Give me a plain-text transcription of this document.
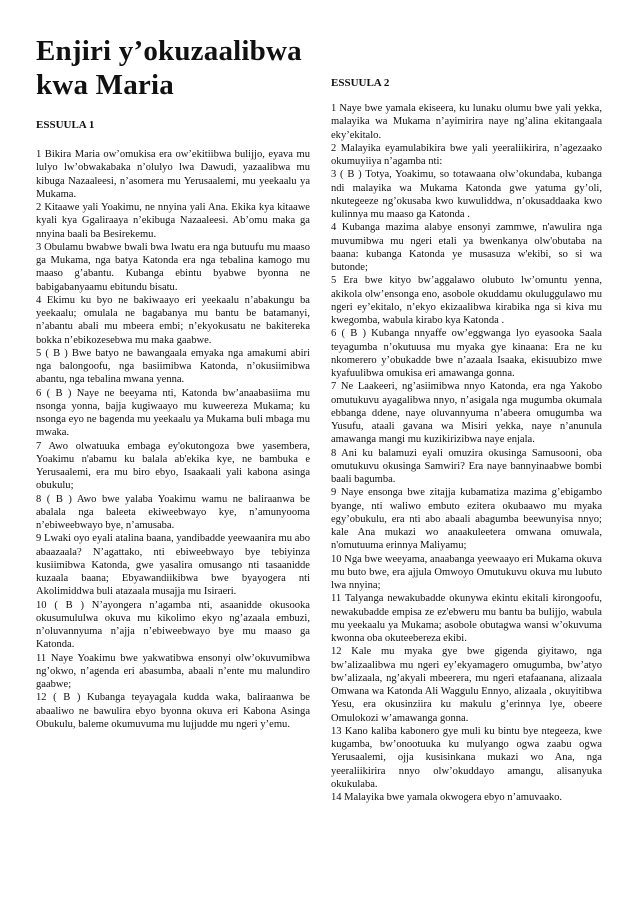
Enjiri y’okuzaalibwa kwa Maria
ESSUULA 1

1 Bikira Maria ow’omukisa era ow’ekitiibwa bulijjo, eyava mu lulyo lw’obwakabaka n’olulyo lwa Dawudi, yazaalibwa mu kibuga Nazaaleesi, n’asomera mu Yerusaalemi, mu yeekaalu ya Mukama.

2 Kitaawe yali Yoakimu, ne nnyina yali Ana. Ekika kya kitaawe kyali kya Ggaliraaya n’ekibuga Nazaaleesi. Ab’omu maka ga nnyina baali ba Besirekemu.

3 Obulamu bwabwe bwali bwa lwatu era nga butuufu mu maaso ga Mukama, nga batya Katonda era nga tebalina kamogo mu maaso g’abantu. Kubanga ebintu byabwe byonna ne babigabanyaamu ebitundu bisatu.

4 Ekimu ku byo ne bakiwaayo eri yeekaalu n’abakungu ba yeekaalu; omulala ne bagabanya mu bantu be batamanyi, n’abantu abali mu mbeera embi; n’ekyokusatu ne bakitereka bokka n’ebikozesebwa mu maka gaabwe.

5 ( B ) Bwe batyo ne bawangaala emyaka nga amakumi abiri nga balongoofu, nga basiimibwa Katonda, n’okusiimibwa abantu, nga tebalina mwana yenna.

6 ( B ) Naye ne beeyama nti, Katonda bw’anaabasiima mu nsonga yonna, bajja kugiwaayo mu kuweereza Mukama; ku nsonga eyo ne bagenda mu yeekaalu ya Mukama buli mbaga mu mwaka.

7 Awo olwatuuka embaga ey'okutongoza bwe yasembera, Yoakimu n'abamu ku balala ab'ekika kye, ne bambuka e Yerusaalemi, era mu biro ebyo, Isaakaali yali kabona asinga obukulu;

8 ( B ) Awo bwe yalaba Yoakimu wamu ne baliraanwa be abalala nga baleeta ekiweebwayo kye, n’amunyooma n’ebiweebwayo bye, n’amusaba.

9 Lwaki oyo eyali atalina baana, yandibadde yeewaanira mu abo abaazaala? N’agattako, nti ebiweebwayo bye tebiyinza kusiimibwa Katonda, gwe yasalira omusango nti tasaanidde kuzaala baana; Ebyawandiikibwa bwe byayogera nti Akolimiddwa buli atazaala musajja mu Isiraeri.

10 ( B ) N’ayongera n’agamba nti, asaanidde okusooka okusumululwa okuva mu kikolimo ekyo ng’azaala embuzi, n’oluvannyuma n’ajja n’ebiweebwayo bye mu maaso ga Katonda.

11 Naye Yoakimu bwe yakwatibwa ensonyi olw’okuvumibwa ng’okwo, n’agenda eri abasumba, abaali n’ente mu malundiro gaabwe;

12 ( B ) Kubanga teyayagala kudda waka, baliraanwa be abaaliwo ne bawulira ebyo byonna okuva eri Kabona Asinga Obukulu, baleme okumuvuma mu lujjudde mu ngeri y’emu.

ESSUULA 2

1 Naye bwe yamala ekiseera, ku lunaku olumu bwe yali yekka, malayika wa Mukama n’ayimirira naye ng’alina ekitangaala eky’ekitalo.

2 Malayika eyamulabikira bwe yali yeeraliikirira, n’agezaako okumuyiiya n’agamba nti:

3 ( B ) Totya, Yoakimu, so totawaana olw’okundaba, kubanga ndi malayika wa Mukama Katonda gwe yatuma gy’oli, nkutegeeze ng’okusaba kwo kuwuliddwa, n’okusaddaaka kwo kulinnya mu maaso ga Katonda .

4 Kubanga mazima alabye ensonyi zammwe, n'awulira nga muvumibwa mu ngeri etali ya bwenkanya olw'obutaba na baana: kubanga Katonda ye musasuza w'ekibi, so si wa butonde;

5 Era bwe kityo bw’aggalawo olubuto lw’omuntu yenna, akikola olw’ensonga eno, asobole okuddamu okuluggulawo mu ngeri ey’ekitalo, n’ekyo ekizaalibwa kirabika nga si kiva mu kwegomba, wabula kirabo kya Katonda .

6 ( B ) Kubanga nnyaffe ow’eggwanga lyo eyasooka Saala teyagumba n’okutuusa mu myaka gye kinaana: Era ne ku nkomerero y’obukadde bwe n’azaala Isaaka, ekisuubizo mwe kyafuulibwa omukisa eri amawanga gonna.

7 Ne Laakeeri, ng’asiimibwa nnyo Katonda, era nga Yakobo omutukuvu ayagalibwa nnyo, n’asigala nga mugumba okumala ebbanga ddene, naye oluvannyuma n’abeera omugumba wa Yusufu, ataali gavana wa Misiri yekka, naye n’anunula amawanga mangi mu kuzikirizibwa naye enjala.

8 Ani ku balamuzi eyali omuzira okusinga Samusooni, oba omutukuvu okusinga Samwiri? Era naye bannyinaabwe bombi baali bagumba.

9 Naye ensonga bwe zitajja kubamatiza mazima g’ebigambo byange, nti waliwo embuto ezitera okubaawo mu myaka egy’obukulu, era nti abo abaali abagumba beewunyisa nnyo; kale Ana mukazi wo anaakuleetera omwana omuwala, n'omutuuma erinnya Maliyamu;

10 Nga bwe weeyama, anaabanga yeewaayo eri Mukama okuva mu buto bwe, era ajjula Omwoyo Omutukuvu okuva mu lubuto lwa nnyina;

11 Talyanga newakubadde okunywa ekintu ekitali kirongoofu, newakubadde empisa ze ez'ebweru mu bantu ba bulijjo, wabula mu yeekaalu ya Mukama; asobole obutagwa wansi w’okuvuma kwonna oba okuteeberezа ekibi.

12 Kale mu myaka gye bwe gigenda giyitawo, nga bw’alizaalibwa mu ngeri ey’ekyamagero omugumba, bw’atyo bw’alizaala, ng’akyali mbeerera, mu ngeri etafaanana, alizaala Omwana wa Katonda Ali Waggulu Ennyo, alizaala , okuyitibwa Yesu, era okusinziira ku makulu g’erinnya lye, obeere Omulokozi w’amawanga gonna.

13 Kano kaliba kabonero gye muli ku bintu bye ntegeeza, kwe kugamba, bw’onootuuka ku mulyango ogwa zaabu ogwa Yerusaalemi, ojja kusisinkana mukazi wo Ana, nga yeeraliikirira nnyo olw’okuddayo amangu, alisanyuka okukulaba.

14 Malayika bwe yamala okwogera ebyo n’amuvaako.
